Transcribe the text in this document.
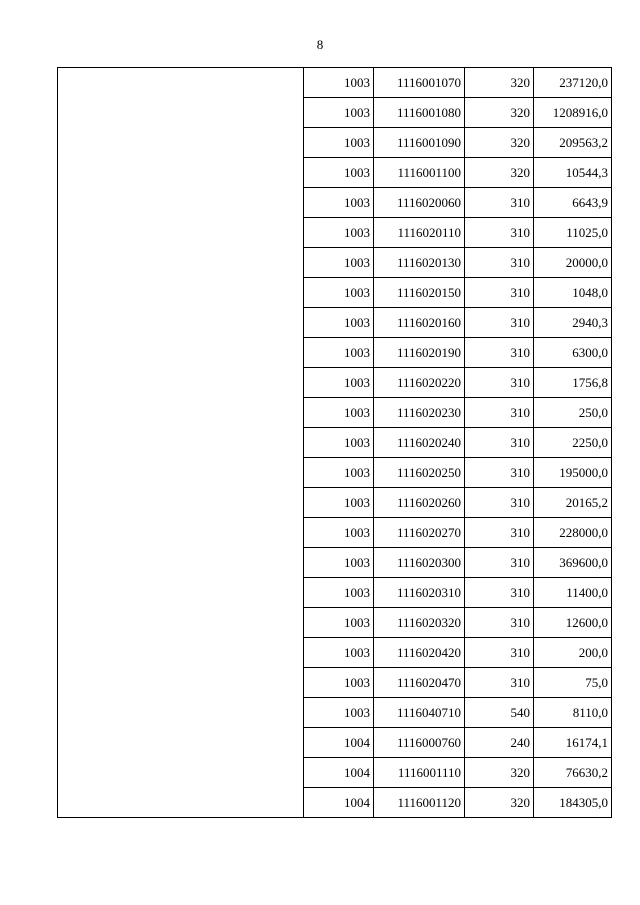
8
	1003	1116001070	320	237120,0
	1003	1116001080	320	1208916,0
	1003	1116001090	320	209563,2
	1003	1116001100	320	10544,3
	1003	1116020060	310	6643,9
	1003	1116020110	310	11025,0
	1003	1116020130	310	20000,0
	1003	1116020150	310	1048,0
	1003	1116020160	310	2940,3
	1003	1116020190	310	6300,0
	1003	1116020220	310	1756,8
	1003	1116020230	310	250,0
	1003	1116020240	310	2250,0
	1003	1116020250	310	195000,0
	1003	1116020260	310	20165,2
	1003	1116020270	310	228000,0
	1003	1116020300	310	369600,0
	1003	1116020310	310	11400,0
	1003	1116020320	310	12600,0
	1003	1116020420	310	200,0
	1003	1116020470	310	75,0
	1003	1116040710	540	8110,0
	1004	1116000760	240	16174,1
	1004	1116001110	320	76630,2
	1004	1116001120	320	184305,0
